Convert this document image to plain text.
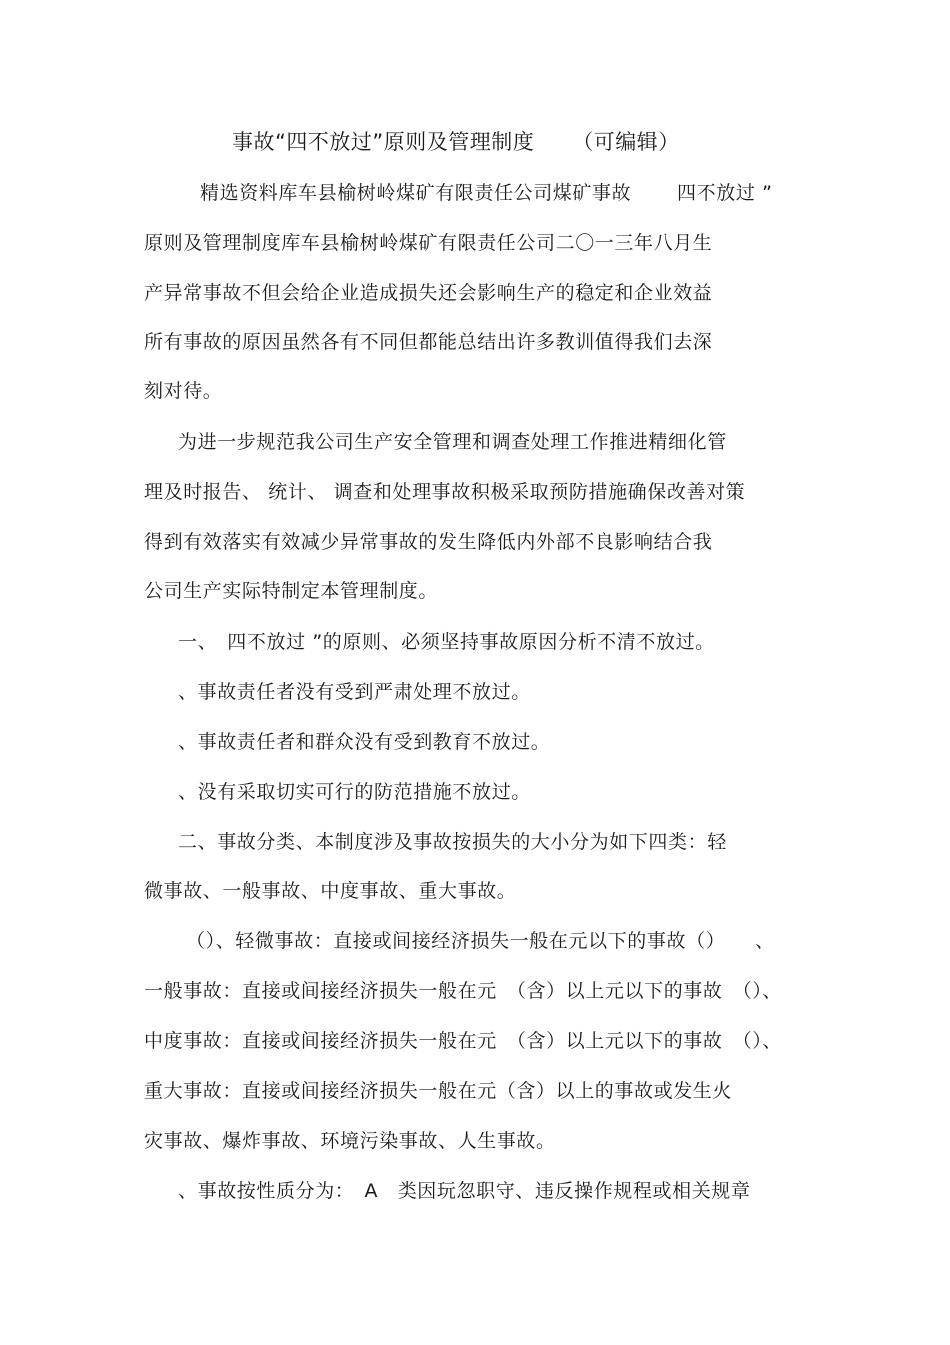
事故“四不放过”原则及管理制度 （可编辑）
精选资料库车县榆树岭煤矿有限责任公司煤矿事故　　 四不放过 ”
原则及管理制度库车县榆树岭煤矿有限责任公司二〇一三年八月生
产异常事故不但会给企业造成损失还会影响生产的稳定和企业效益
所有事故的原因虽然各有不同但都能总结出许多教训值得我们去深
刻对待。
为进一步规范我公司生产安全管理和调查处理工作推进精细化管
理及时报告、 统计、 调查和处理事故积极采取预防措施确保改善对策
得到有效落实有效减少异常事故的发生降低内外部不良影响结合我
公司生产实际特制定本管理制度。
一、　四不放过 ”的原则、必须坚持事故原因分析不清不放过。
、事故责任者没有受到严肃处理不放过。
、事故责任者和群众没有受到教育不放过。
、没有采取切实可行的防范措施不放过。
二、事故分类、本制度涉及事故按损失的大小分为如下四类：轻
微事故、一般事故、中度事故、重大事故。
（）、轻微事故：直接或间接经济损失一般在元以下的事故（）　　、
一般事故：直接或间接经济损失一般在元　（含）以上元以下的事故　（）、
中度事故：直接或间接经济损失一般在元　（含）以上元以下的事故　（）、
重大事故：直接或间接经济损失一般在元（含）以上的事故或发生火
灾事故、爆炸事故、环境污染事故、人生事故。
、事故按性质分为：　A　类因玩忽职守、违反操作规程或相关规章
